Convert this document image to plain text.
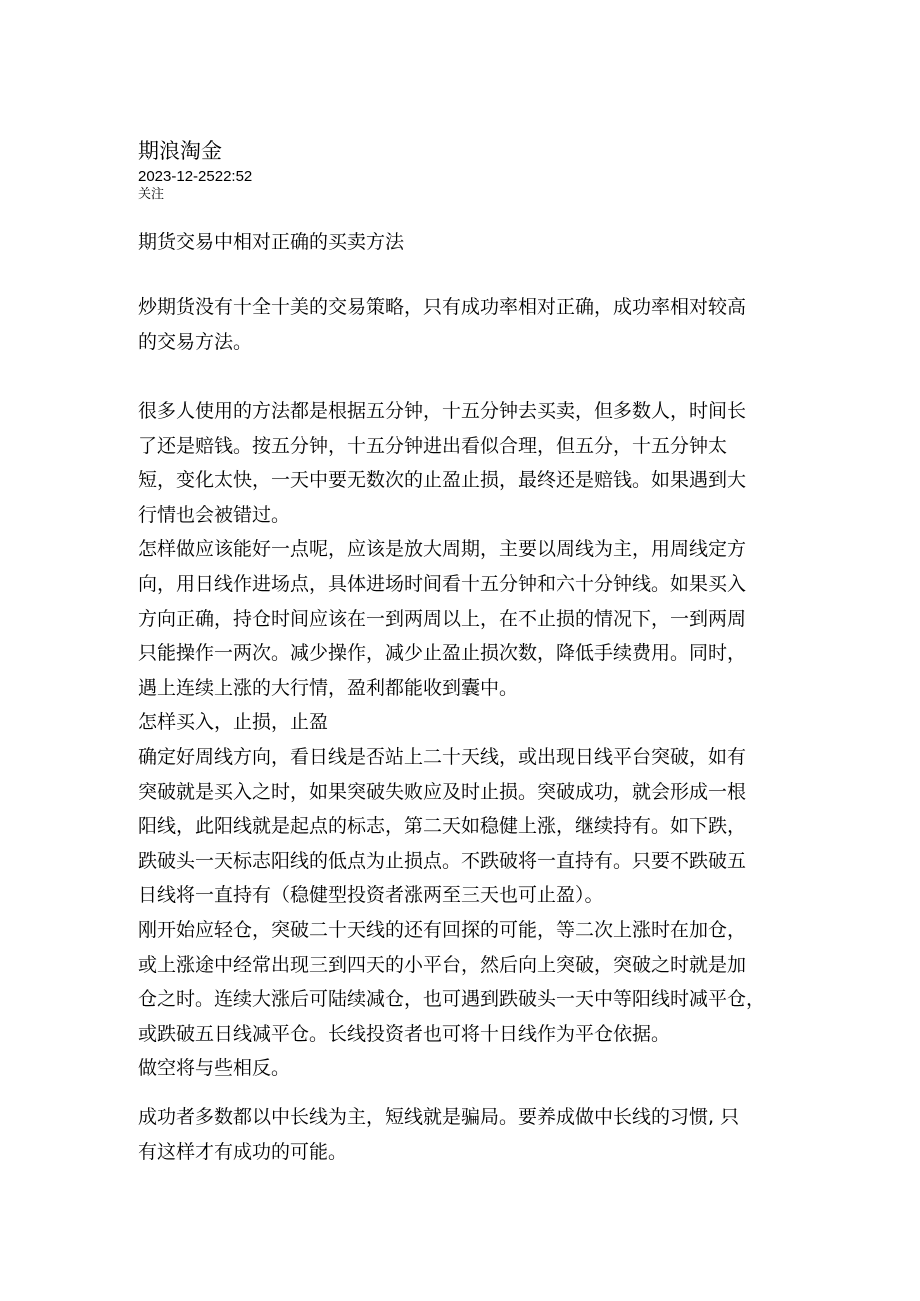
期浪淘金
2023-12-2522:52
关注
期货交易中相对正确的买卖方法
炒期货没有十全十美的交易策略，只有成功率相对正确，成功率相对较高
的交易方法。
很多人使用的方法都是根据五分钟，十五分钟去买卖，但多数人，时间长
了还是赔钱。按五分钟，十五分钟进出看似合理，但五分，十五分钟太
短，变化太快，一天中要无数次的止盈止损，最终还是赔钱。如果遇到大
行情也会被错过。
怎样做应该能好一点呢，应该是放大周期，主要以周线为主，用周线定方
向，用日线作进场点，具体进场时间看十五分钟和六十分钟线。如果买入
方向正确，持仓时间应该在一到两周以上，在不止损的情况下，一到两周
只能操作一两次。减少操作，减少止盈止损次数，降低手续费用。同时，
遇上连续上涨的大行情，盈利都能收到囊中。
怎样买入，止损，止盈
确定好周线方向，看日线是否站上二十天线，或出现日线平台突破，如有
突破就是买入之时，如果突破失败应及时止损。突破成功，就会形成一根
阳线，此阳线就是起点的标志，第二天如稳健上涨，继续持有。如下跌，
跌破头一天标志阳线的低点为止损点。不跌破将一直持有。只要不跌破五
日线将一直持有（稳健型投资者涨两至三天也可止盈）。
刚开始应轻仓，突破二十天线的还有回探的可能，等二次上涨时在加仓，
或上涨途中经常出现三到四天的小平台，然后向上突破，突破之时就是加
仓之时。连续大涨后可陆续减仓，也可遇到跌破头一天中等阳线时减平仓，
或跌破五日线减平仓。长线投资者也可将十日线作为平仓依据。
做空将与些相反。
成功者多数都以中长线为主，短线就是骗局。要养成做中长线的习惯, 只
有这样才有成功的可能。
